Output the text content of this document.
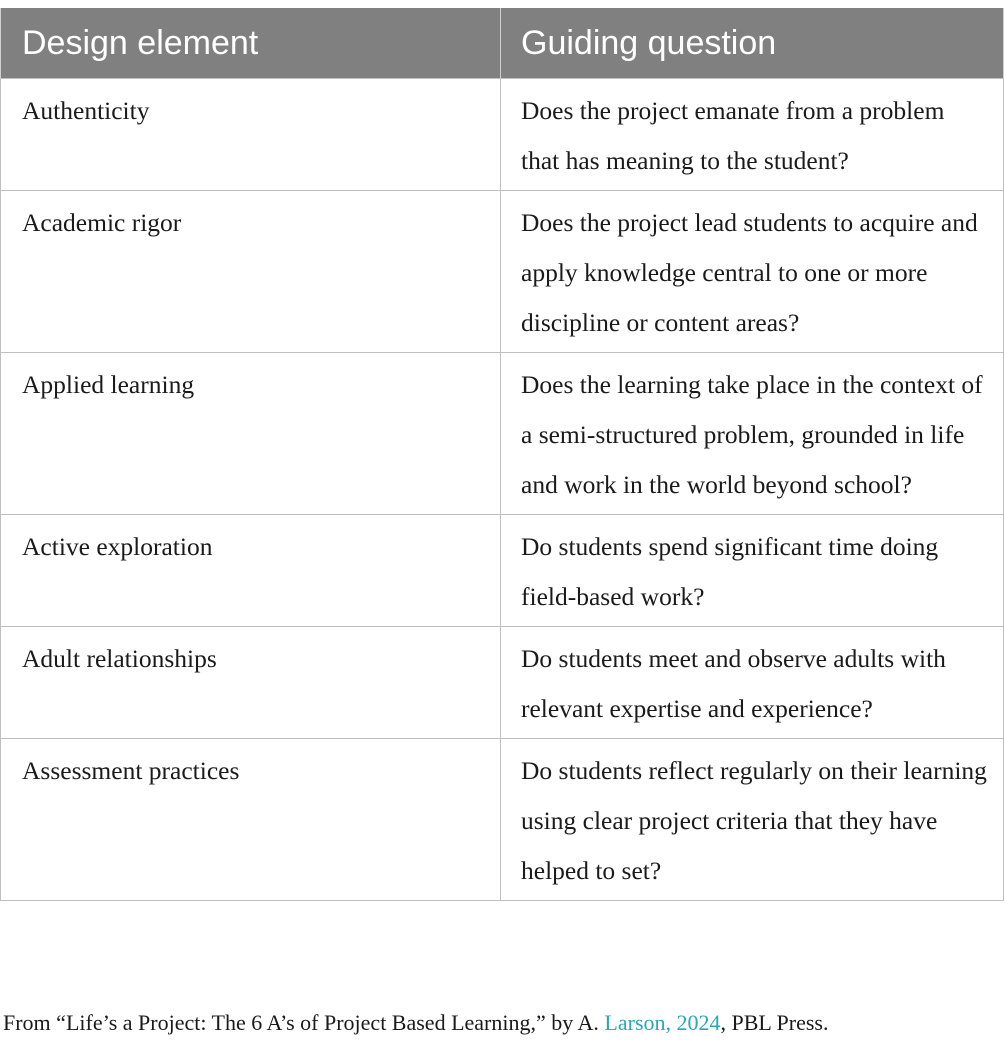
Design element	Guiding question
Authenticity	Does the project emanate from a problem that has meaning to the student?
Academic rigor	Does the project lead students to acquire and apply knowledge central to one or more discipline or content areas?
Applied learning	Does the learning take place in the context of a semi-structured problem, grounded in life and work in the world beyond school?
Active exploration	Do students spend significant time doing field-based work?
Adult relationships	Do students meet and observe adults with relevant expertise and experience?
Assessment practices	Do students reflect regularly on their learning using clear project criteria that they have helped to set?
From “Life’s a Project: The 6 A’s of Project Based Learning,” by A. Larson, 2024, PBL Press.
